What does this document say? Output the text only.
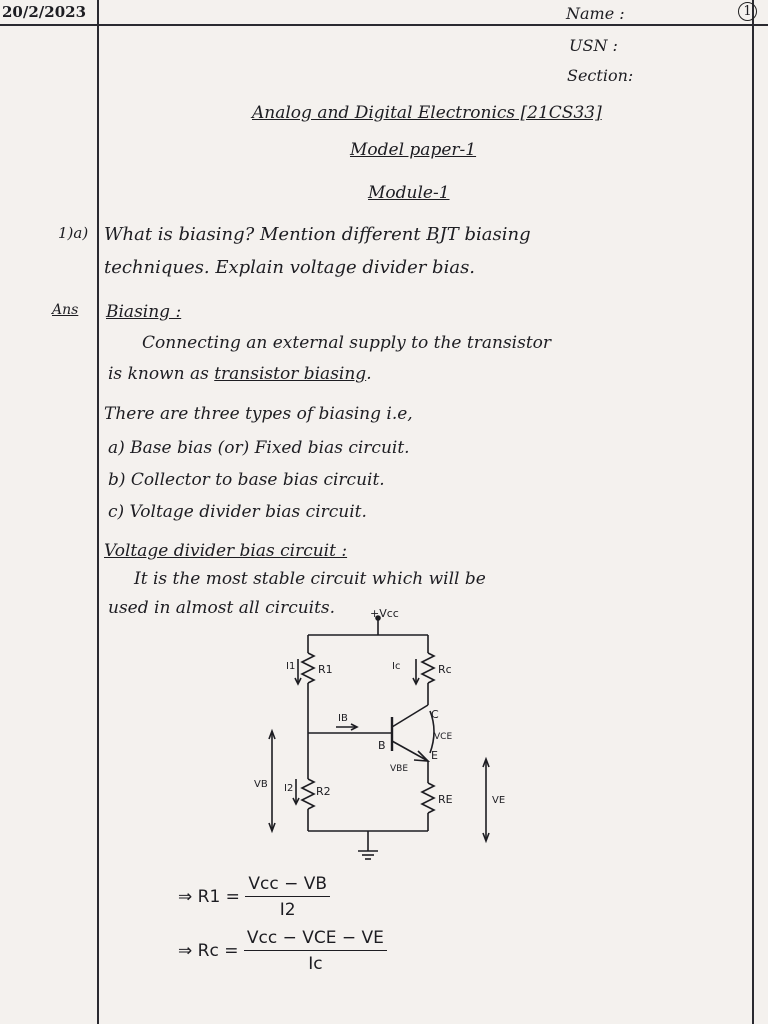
20/2/2023	1
Name :
USN :
Section:
Analog and Digital Electronics [21CS33]
Model paper-1
Module-1
1)a) What is biasing? Mention different BJT biasing
techniques. Explain voltage divider bias.
Ans Biasing :
Connecting an external supply to the transistor
is known as transistor biasing.
There are three types of biasing i.e,
a) Base bias (or) Fixed bias circuit.
b) Collector to base bias circuit.
c) Voltage divider bias circuit.
Voltage divider bias circuit :
It is the most stable circuit which will be
used in almost all circuits.	+Vcc
R1
I1	Rc
Ic
IB
B
C
E
VCE
VBE
RE
R2
I2
VB
VE
⇒ $R1 = \frac{\text{Vcc − VB}}{I2}$
⇒ $Rc = \frac{\text{Vcc − VCE − VE}}{Ic}$
